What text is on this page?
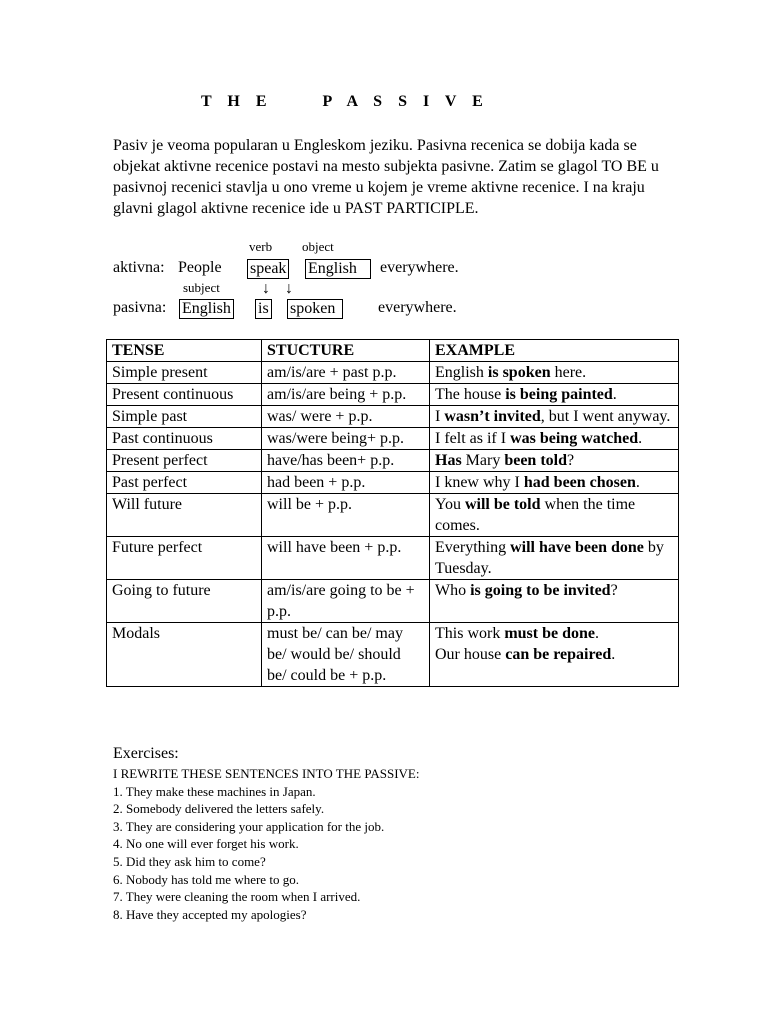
T H E     P A S S I V E
Pasiv je veoma popularan u Engleskom jeziku. Pasivna recenica se dobija kada se objekat aktivne recenice postavi na mesto subjekta pasivne. Zatim se glagol TO BE u pasivnoj recenici stavlja u ono vreme u kojem je vreme aktivne recenice. I na kraju glavni glagol aktivne recenice ide u PAST PARTICIPLE.
verb object
aktivna: People speak English	everywhere.
subject	↓ ↓
pasivna: English is spoken	everywhere.
TENSE	STUCTURE	EXAMPLE
Simple present	am/is/are + past p.p.	English is spoken here.
Present continuous	am/is/are being + p.p.	The house is being painted.
Simple past	was/ were + p.p.	I wasn’t invited, but I went anyway.
Past continuous	was/were being+ p.p.	I felt as if I was being watched.
Present perfect	have/has been+ p.p.	Has Mary been told?
Past perfect	had been + p.p.	I knew why I had been chosen.
Will future	will be + p.p.	You will be told when the time comes.
Future perfect	will have been + p.p.	Everything will have been done by Tuesday.
Going to future	am/is/are going to be + p.p.	Who is going to be invited?
Modals	must be/ can be/ may be/ would be/ should be/ could be + p.p.	This work must be done.
Our house can be repaired.
Exercises:
I REWRITE THESE SENTENCES INTO THE PASSIVE:
1. They make these machines in Japan.
2. Somebody delivered the letters safely.
3. They are considering your application for the job.
4. No one will ever forget his work.
5. Did they ask him to come?
6. Nobody has told me where to go.
7. They were cleaning the room when I arrived.
8. Have they accepted my apologies?
